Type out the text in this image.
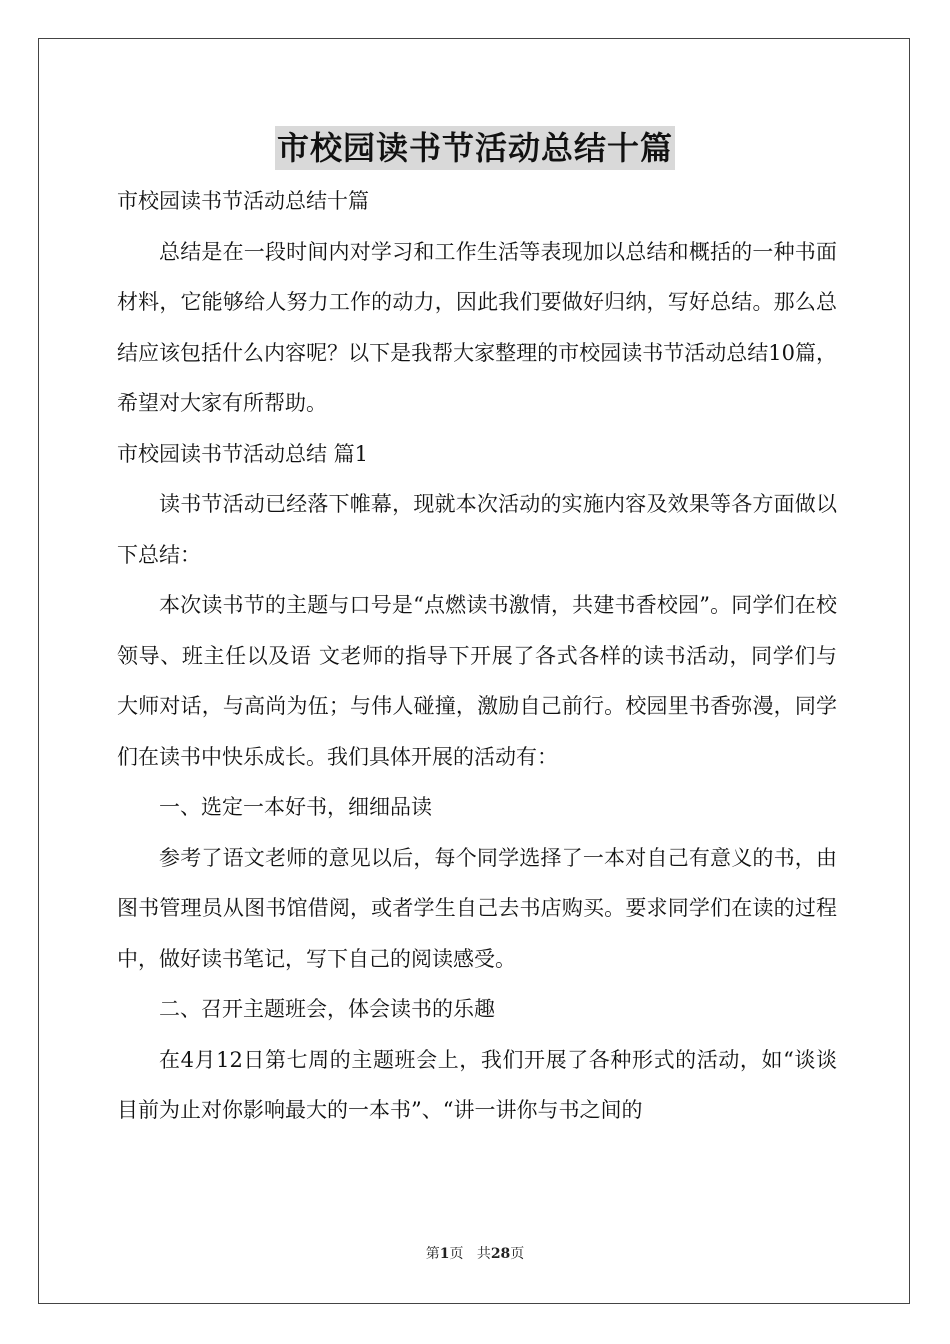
市校园读书节活动总结十篇

市校园读书节活动总结十篇

总结是在一段时间内对学习和工作生活等表现加以总结和概括的一种书面材料，它能够给人努力工作的动力，因此我们要做好归纳，写好总结。那么总结应该包括什么内容呢？以下是我帮大家整理的市校园读书节活动总结10篇，希望对大家有所帮助。

市校园读书节活动总结 篇1

读书节活动已经落下帷幕，现就本次活动的实施内容及效果等各方面做以下总结：

本次读书节的主题与口号是“点燃读书激情，共建书香校园”。同学们在校领导、班主任以及语 文老师的指导下开展了各式各样的读书活动，同学们与大师对话，与高尚为伍；与伟人碰撞，激励自己前行。校园里书香弥漫，同学们在读书中快乐成长。我们具体开展的活动有：

一、选定一本好书，细细品读

参考了语文老师的意见以后，每个同学选择了一本对自己有意义的书，由图书管理员从图书馆借阅，或者学生自己去书店购买。要求同学们在读的过程中，做好读书笔记，写下自己的阅读感受。

二、召开主题班会，体会读书的乐趣

在4月12日第七周的主题班会上，我们开展了各种形式的活动，如“谈谈目前为止对你影响最大的一本书”、“讲一讲你与书之间的

第1页 共28页
